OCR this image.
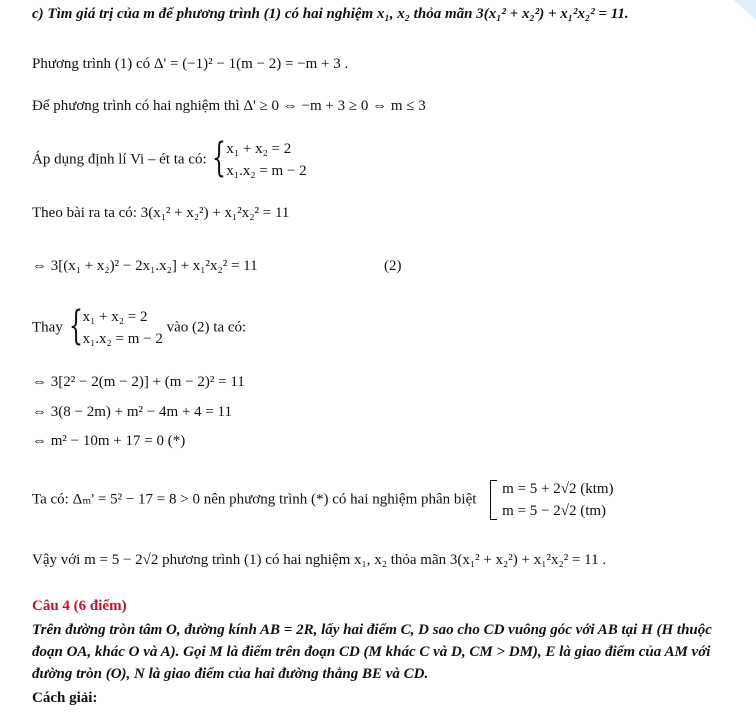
c) Tìm giá trị của m để phương trình (1) có hai nghiệm x₁, x₂ thỏa mãn 3(x₁² + x₂²) + x₁²x₂² = 11.
Phương trình (1) có Δ' = (−1)² − 1(m − 2) = −m + 3 .
Để phương trình có hai nghiệm thì Δ' ≥ 0 ⇔ −m + 3 ≥ 0 ⇔ m ≤ 3
Áp dụng định lí Vi – ét ta có: { x₁ + x₂ = 2
x₁.x₂ = m − 2
Theo bài ra ta có: 3(x₁² + x₂²) + x₁²x₂² = 11
⇔ 3[(x₁ + x₂)² − 2x₁.x₂] + x₁²x₂² = 11	(2)
Thay { x₁ + x₂ = 2
x₁.x₂ = m − 2
vào (2) ta có:
⇔ 3[2² − 2(m − 2)] + (m − 2)² = 11
⇔ 3(8 − 2m) + m² − 4m + 4 = 11
⇔ m² − 10m + 17 = 0 (*)
Ta có: Δₘ' = 5² − 17 = 8 > 0 nên phương trình (*) có hai nghiệm phân biệt
m = 5 + 2√2 (ktm)
m = 5 − 2√2 (tm)
Vậy với m = 5 − 2√2 phương trình (1) có hai nghiệm x₁, x₂ thỏa mãn 3(x₁² + x₂²) + x₁²x₂² = 11 .
Câu 4 (6 điểm)
Trên đường tròn tâm O, đường kính AB = 2R, lấy hai điểm C, D sao cho CD vuông góc với AB tại H (H thuộc đoạn OA, khác O và A). Gọi M là điểm trên đoạn CD (M khác C và D, CM > DM), E là giao điểm của AM với đường tròn (O), N là giao điểm của hai đường thẳng BE và CD.
Cách giải:
